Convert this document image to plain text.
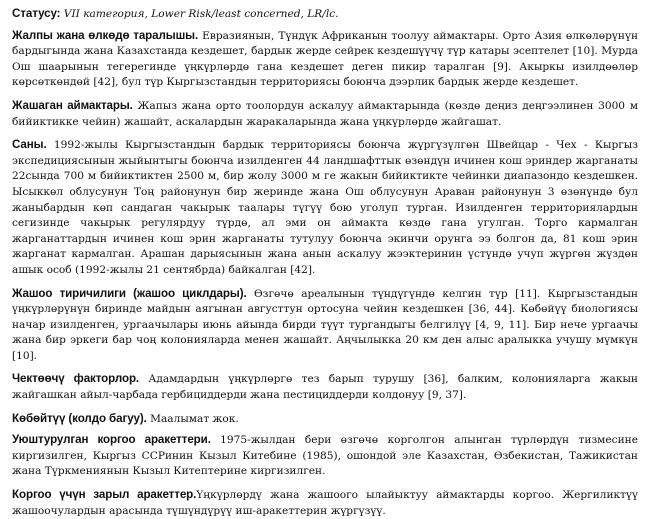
Статусу: VII категория, Lower Risk/least concerned, LR/lc.

Жалпы жана өлкөдө таралышы. Евразиянын, Түндүк Африканын тоолуу аймактары. Орто Азия өлкөлөрүнүн бардыгында жана Казахстанда кездешет, бардык жерде сейрек кездешүүчү түр катары эсептелет [10]. Мурда Ош шаарынын тегерегинде үңкүрлөрдө гана кездешет деген пикир таралган [9]. Акыркы изилдөөлөр көрсөткөндөй [42], бул түр Кыргызстандын территориясы боюнча дээрлик бардык жерде кездешет.

Жашаган аймактары. Жапыз жана орто тоолордун аскалуу аймактарында (көздө деңиз деңгээлинен 3000 м бийиктикке чейин) жашайт, аскалардын жаракаларында жана үңкүрлөрдө жайгашат.

Саны. 1992-жылы Кыргызстандын бардык территориясы боюнча жүргүзүлгөн Швейцар - Чех - Кыргыз экспедициясынын жыйынтыгы боюнча изилденген 44 ландшафттык өзөндүн ичинен кош эриндер жарганаты 22сында 700 м бийиктиктен 2500 м, бир жолу 3000 м ге жакын бийиктикте чейинки диапазондо кездешкен. Ысыккөл облусунун Тоң районунун бир жеринде жана Ош облусунун Араван районунун 3 өзөнүндө бул жаныбардын көп сандаган чакырык таалары түгүү бою уголуп турган. Изилденген территориялардын сегизинде чакырык регулярдуу түрдө, ал эми он аймакта көздө гана угулган. Торго кармалган жарганаттардын ичинен кош эрин жарганаты тутулуу боюнча экинчи орунга ээ болгон да, 81 кош эрин жарганат кармалган. Арашан дарыясынын жана анын аскалуу жээктеринин үстүндө учуп жүргөн жүздөн ашык особ (1992-жылы 21 сентябрда) байкалган [42].

Жашоо тиричилиги (жашоо циклдары). Өзгөчө ареалынын түндүгүндө келгин түр [11]. Кыргызстандын үңкүрлөрүнүн биринде майдын аягынан августтун ортосуна чейин кездешкен [36, 44]. Көбөйүү биологиясы начар изилденген, ургаачылары июнь айында бирди түүт тургандыгы белгилүү [4, 9, 11]. Бир нече ургаачы жана бир эркеги бар чоң колонияларда менен жашайт. Аңчылыкка 20 км ден алыс аралыкка учушу мүмкүн [10].

Чектөөчү факторлор. Адамдардын үңкүрлөргө тез барып турушу [36], балким, колонияларга жакын жайгашкан айыл-чарбада гербициддерди жана пестициддерди колдонуу [9, 37].

Көбөйтүү (колдо багуу). Маалымат жок.

Уюштурулган коргоо аракеттери. 1975-жылдан бери өзгөчө корголгон алынган түрлөрдүн тизмесине киргизилген, Кыргыз ССРинин Кызыл Китебине (1985), ошондой эле Казахстан, Өзбекистан, Тажикистан жана Түркмениянын Кызыл Китептерине киргизилген.

Коргоо үчүн зарыл аракеттер.Үңкүрлөрдү жана жашоого ылайыктуу аймактарды коргоо. Жергиликтүү жашоочулардын арасында түшүндүрүү иш-аракеттерин жүргүзүү.
